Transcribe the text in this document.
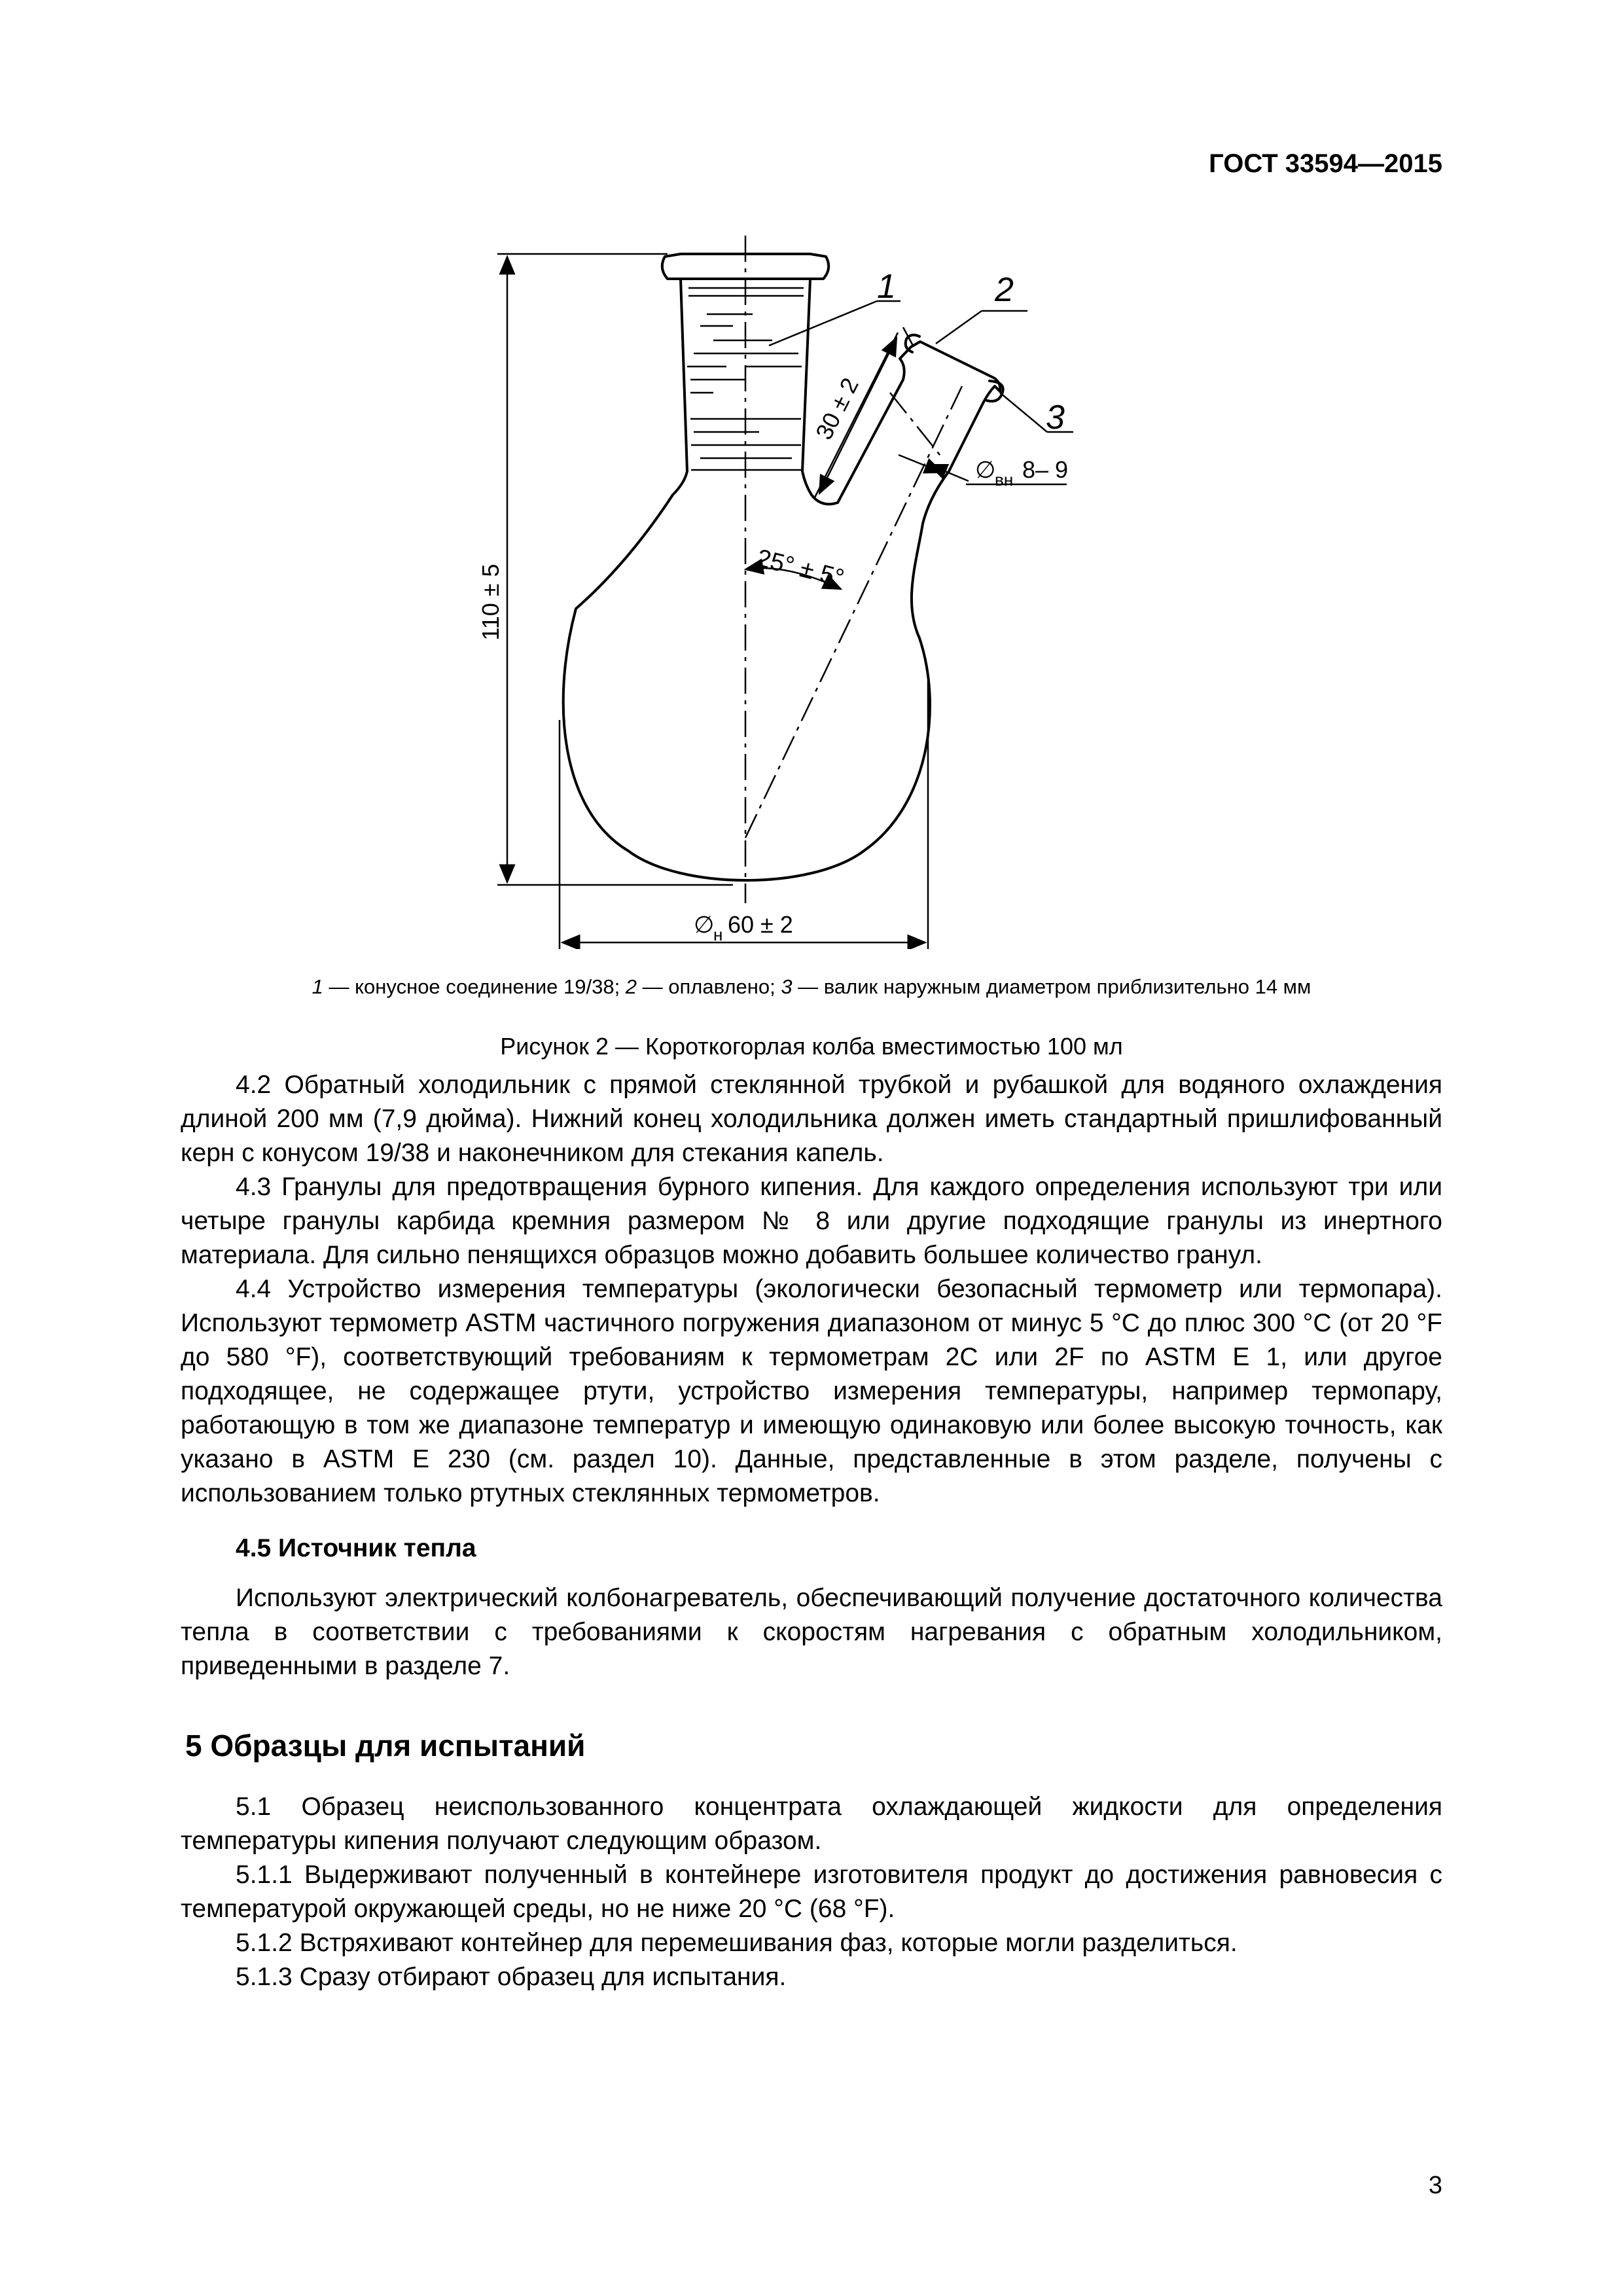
ГОСТ 33594—2015
1	2
3
110 ± 5
30 ± 2
25° ± 5°
∅
вн 8– 9
∅
н 60 ± 2
1 — конусное соединение 19/38; 2 — оплавлено; 3 — валик наружным диаметром приблизительно 14 мм
Рисунок 2 — Короткогорлая колба вместимостью 100 мл

4.2 Обратный холодильник с прямой стеклянной трубкой и рубашкой для водяного охлаждения длиной 200 мм (7,9 дюйма). Нижний конец холодильника должен иметь стандартный пришлифованный керн с конусом 19/38 и наконечником для стекания капель.

4.3 Гранулы для предотвращения бурного кипения. Для каждого определения используют три или четыре гранулы карбида кремния размером № 8 или другие подходящие гранулы из инертного материала. Для сильно пенящихся образцов можно добавить большее количество гранул.

4.4 Устройство измерения температуры (экологически безопасный термометр или термопара). Используют термометр ASTM частичного погружения диапазоном от минус 5 °С до плюс 300 °С (от 20 °F до 580 °F), соответствующий требованиям к термометрам 2С или 2F по ASTM E 1, или другое подходящее, не содержащее ртути, устройство измерения температуры, например термопару, работающую в том же диапазоне температур и имеющую одинаковую или более высокую точность, как указано в ASTM E 230 (см. раздел 10). Данные, представленные в этом разделе, получены с использованием только ртутных стеклянных термометров.

4.5 Источник тепла

Используют электрический колбонагреватель, обеспечивающий получение достаточного количества тепла в соответствии с требованиями к скоростям нагревания с обратным холодильником, приведенными в разделе 7.

5 Образцы для испытаний

5.1 Образец неиспользованного концентрата охлаждающей жидкости для определения температуры кипения получают следующим образом.

5.1.1 Выдерживают полученный в контейнере изготовителя продукт до достижения равновесия с температурой окружающей среды, но не ниже 20 °С (68 °F).

5.1.2 Встряхивают контейнер для перемешивания фаз, которые могли разделиться.

5.1.3 Сразу отбирают образец для испытания.

3
